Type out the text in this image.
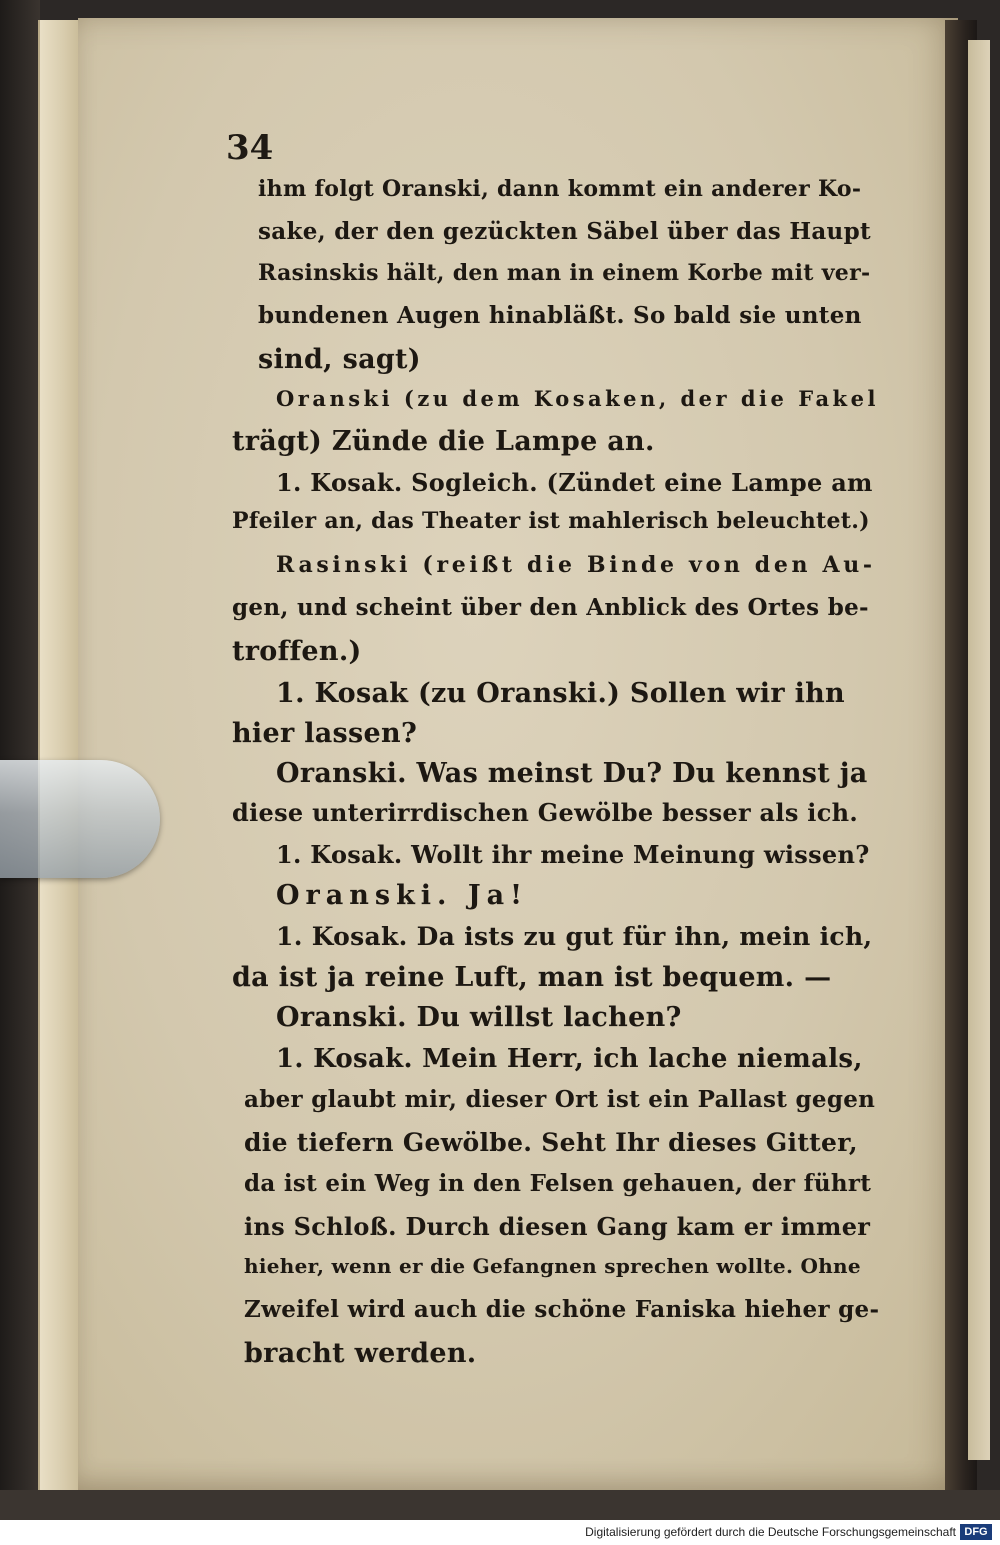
34
ihm folgt Oranski, dann kommt ein anderer Ko-
sake, der den gezückten Säbel über das Haupt
Rasinskis hält, den man in einem Korbe mit ver-
bundenen Augen hinabläßt. So bald sie unten
sind, sagt)
Oranski (zu dem Kosaken, der die Fakel
trägt) Zünde die Lampe an.
1. Kosak. Sogleich. (Zündet eine Lampe am
Pfeiler an, das Theater ist mahlerisch beleuchtet.)
Rasinski (reißt die Binde von den Au-
gen, und scheint über den Anblick des Ortes be-
troffen.)
1. Kosak (zu Oranski.) Sollen wir ihn
hier lassen?
Oranski. Was meinst Du? Du kennst ja
diese unterirrdischen Gewölbe besser als ich.
1. Kosak. Wollt ihr meine Meinung wissen?
Oranski. Ja!
1. Kosak. Da ists zu gut für ihn, mein ich,
da ist ja reine Luft, man ist bequem. —
Oranski. Du willst lachen?
1. Kosak. Mein Herr, ich lache niemals,
aber glaubt mir, dieser Ort ist ein Pallast gegen
die tiefern Gewölbe. Seht Ihr dieses Gitter,
da ist ein Weg in den Felsen gehauen, der führt
ins Schloß. Durch diesen Gang kam er immer
hieher, wenn er die Gefangnen sprechen wollte. Ohne
Zweifel wird auch die schöne Faniska hieher ge-
bracht werden.
Digitalisierung gefördert durch die Deutsche Forschungsgemeinschaft DFG
